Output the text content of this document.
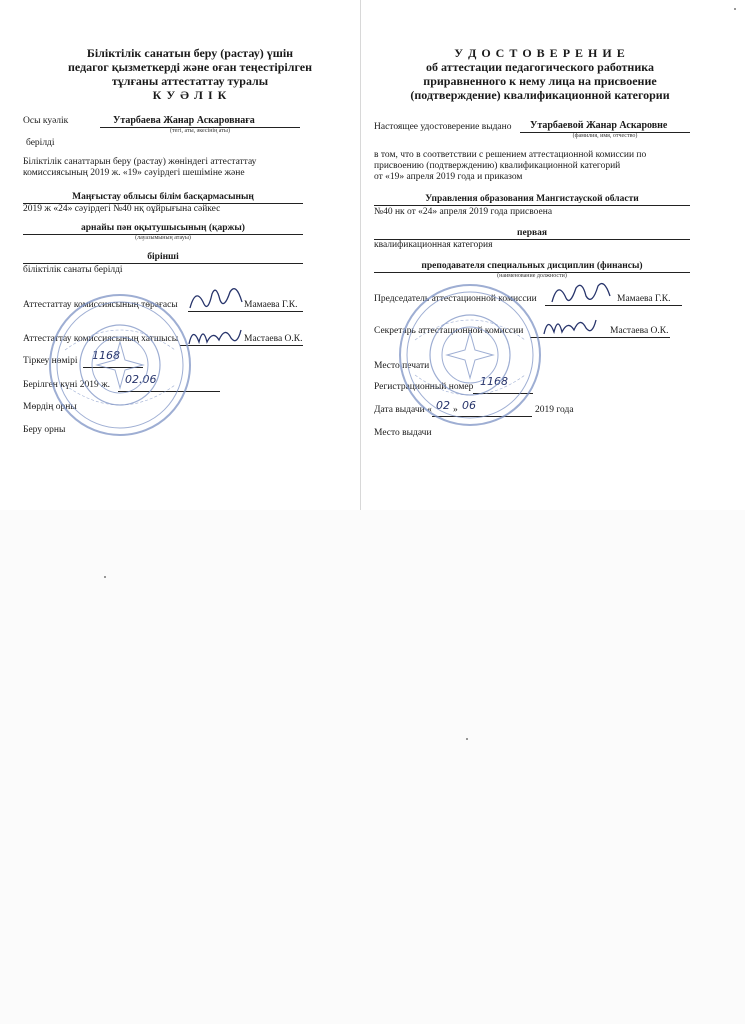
Біліктілік санатын беру (растау) үшін
педагог қызметкерді және оған теңестірілген
тұлғаны аттестаттау туралы
К У Ә Л І К
Осы куәлік	Утарбаева Жанар Аскаровнаға
(тегі, аты, әкесінің аты)
берілді
Біліктілік санаттарын беру (растау) жөніндегі аттестаттау
комиссиясының 2019 ж. «19» сәуірдегі шешіміне және
Маңғыстау облысы білім басқармасының
2019 ж «24» сәуірдегі №40 нқ оұйрығына сәйкес
арнайы пән оқытушысының (қаржы)
(лауазымының атауы)
бірінші
біліктілік санаты берілді
Аттестаттау комиссиясының төрағасы	Мамаева Г.К.
Аттестаттау комиссиясының хатшысы	Мастаева О.К.
Тіркеу нөмірі 1168
Берілген күні 2019 ж. 02.06
Мөрдің орны
Беру орны
У Д О С Т О В Е Р Е Н И Е
об аттестации педагогического работника
приравненного к нему лица на присвоение
(подтверждение) квалификационной категории
Настоящее удостоверение выдано Утарбаевой Жанар Аскаровне
(фамилия, имя, отчество)
в том, что в соответствии с решением аттестационной комиссии по
присвоению (подтверждению) квалификационной категорий
от «19» апреля 2019 года и приказом
Управления образования Мангистауской области
№40 нк от «24» апреля 2019 года присвоена
первая
квалификационная категория
преподавателя специальных дисциплин (финансы)
(наименование должности)
Председатель аттестационной комиссии	Мамаева Г.К.
Секретарь аттестационной комиссии	Мастаева О.К.
Место печати
Регистрационный номер 1168
Дата выдачи « 02 » 06	2019 года
Место выдачи
